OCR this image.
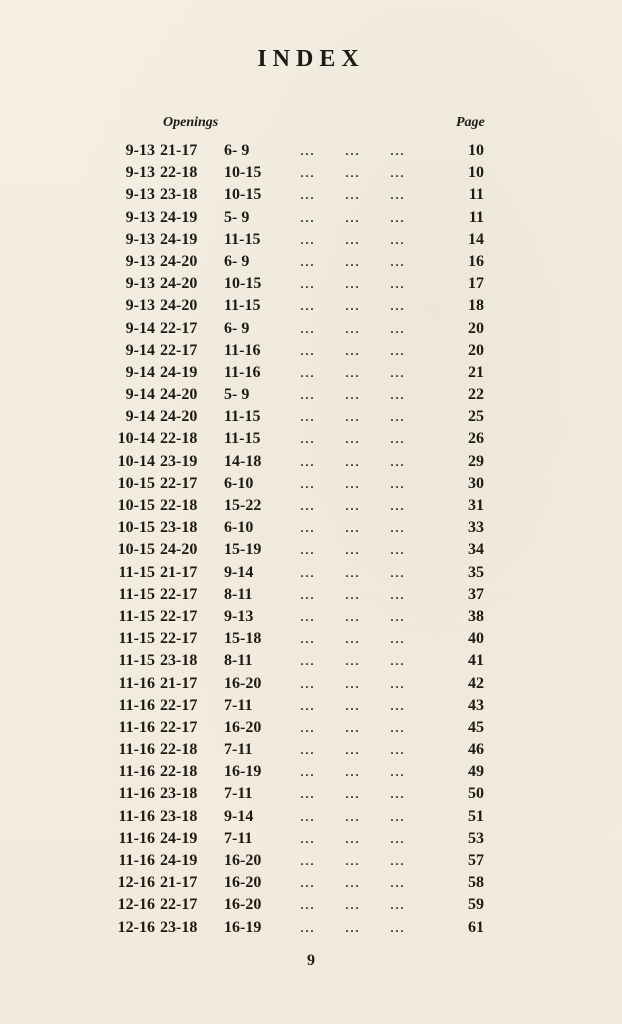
INDEX
Openings	Page
9-13 21-17 6- 9	...      ...      ...	10
9-13 22-18 10-15 ...      ...      ...	10
9-13 23-18 10-15 ...      ...      ...	11
9-13 24-19 5- 9	...      ...      ...	11
9-13 24-19 11-15 ...      ...      ...	14
9-13 24-20 6- 9	...      ...      ...	16
9-13 24-20 10-15 ...      ...      ...	17
9-13 24-20 11-15 ...      ...      ...	18
9-14 22-17 6- 9	...      ...      ...	20
9-14 22-17 11-16 ...      ...      ...	20
9-14 24-19 11-16 ...      ...      ...	21
9-14 24-20 5- 9	...      ...      ...	22
9-14 24-20 11-15 ...      ...      ...	25
10-14 22-18 11-15 ...      ...      ...	26
10-14 23-19 14-18 ...      ...      ...	29
10-15 22-17 6-10	...      ...      ...	30
10-15 22-18 15-22 ...      ...      ...	31
10-15 23-18 6-10	...      ...      ...	33
10-15 24-20 15-19 ...      ...      ...	34
11-15 21-17 9-14	...      ...      ...	35
11-15 22-17 8-11	...      ...      ...	37
11-15 22-17 9-13	...      ...      ...	38
11-15 22-17 15-18 ...      ...      ...	40
11-15 23-18 8-11	...      ...      ...	41
11-16 21-17 16-20 ...      ...      ...	42
11-16 22-17 7-11	...      ...      ...	43
11-16 22-17 16-20 ...      ...      ...	45
11-16 22-18 7-11	...      ...      ...	46
11-16 22-18 16-19 ...      ...      ...	49
11-16 23-18 7-11	...      ...      ...	50
11-16 23-18 9-14	...      ...      ...	51
11-16 24-19 7-11	...      ...      ...	53
11-16 24-19 16-20 ...      ...      ...	57
12-16 21-17 16-20 ...      ...      ...	58
12-16 22-17 16-20 ...      ...      ...	59
12-16 23-18 16-19 ...      ...      ...	61
9
